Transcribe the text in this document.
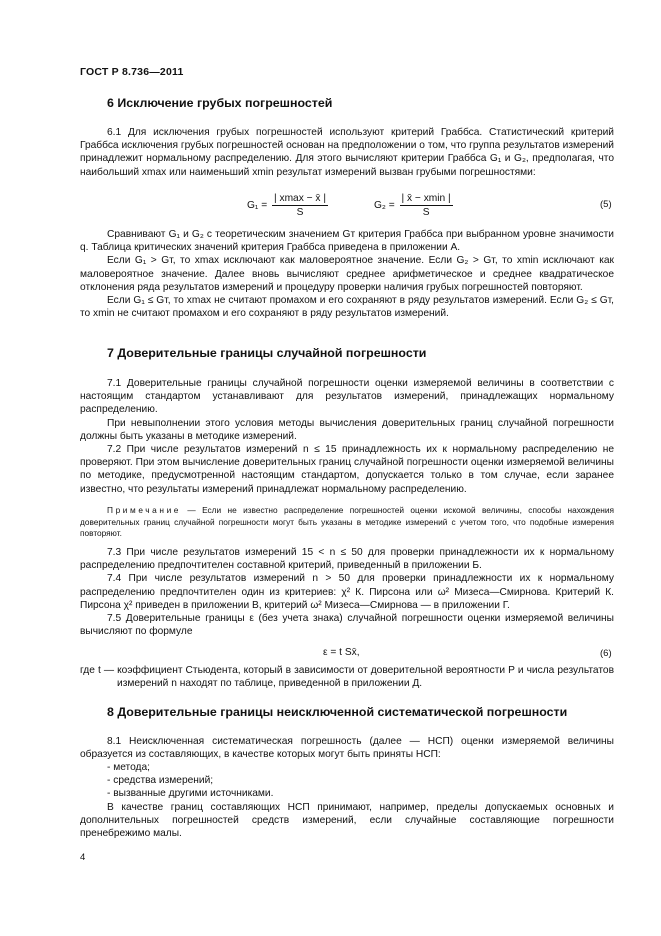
ГОСТ Р 8.736—2011
6 Исключение грубых погрешностей

6.1 Для исключения грубых погрешностей используют критерий Граббса. Статистический критерий Граббса исключения грубых погрешностей основан на предположении о том, что группа результатов измерений принадлежит нормальному распределению. Для этого вычисляют критерии Граббса G₁ и G₂, предполагая, что наибольший xmax или наименьший xmin результат измерений вызван грубыми погрешностями:

$G_1 = \frac{| xmax - x̄ |}{S}$	$G_2 = \frac{| x̄ - xmin |}{S}$	(5)

Сравнивают G₁ и G₂ с теоретическим значением Gт критерия Граббса при выбранном уровне значимости q. Таблица критических значений критерия Граббса приведена в приложении А.

Если G₁ > Gт, то xmax исключают как маловероятное значение. Если G₂ > Gт, то xmin исключают как маловероятное значение. Далее вновь вычисляют среднее арифметическое и среднее квадратическое отклонения ряда результатов измерений и процедуру проверки наличия грубых погрешностей повторяют.

Если G₁ ≤ Gт, то xmax не считают промахом и его сохраняют в ряду результатов измерений. Если G₂ ≤ Gт, то xmin не считают промахом и его сохраняют в ряду результатов измерений.

7 Доверительные границы случайной погрешности

7.1 Доверительные границы случайной погрешности оценки измеряемой величины в соответствии с настоящим стандартом устанавливают для результатов измерений, принадлежащих нормальному распределению.

При невыполнении этого условия методы вычисления доверительных границ случайной погрешности должны быть указаны в методике измерений.

7.2 При числе результатов измерений n ≤ 15 принадлежность их к нормальному распределению не проверяют. При этом вычисление доверительных границ случайной погрешности оценки измеряемой величины по методике, предусмотренной настоящим стандартом, допускается только в том случае, если заранее известно, что результаты измерений принадлежат нормальному распределению.

Примечание — Если не известно распределение погрешностей оценки искомой величины, способы нахождения доверительных границ случайной погрешности могут быть указаны в методике измерений с учетом того, что подобные измерения повторяют.

7.3 При числе результатов измерений 15 < n ≤ 50 для проверки принадлежности их к нормальному распределению предпочтителен составной критерий, приведенный в приложении Б.

7.4 При числе результатов измерений n > 50 для проверки принадлежности их к нормальному распределению предпочтителен один из критериев: χ² К. Пирсона или ω² Мизеса—Смирнова. Критерий К. Пирсона χ² приведен в приложении В, критерий ω² Мизеса—Смирнова — в приложении Г.

7.5 Доверительные границы ε (без учета знака) случайной погрешности оценки измеряемой величины вычисляют по формуле

ε = t Sx̄,	(6)
где t — коэффициент Стьюдента, который в зависимости от доверительной вероятности P и числа результатов измерений n находят по таблице, приведенной в приложении Д.
8 Доверительные границы неисключенной систематической погрешности

8.1 Неисключенная систематическая погрешность (далее — НСП) оценки измеряемой величины образуется из составляющих, в качестве которых могут быть приняты НСП:

- метода;
- средства измерений;
- вызванные другими источниками.

В качестве границ составляющих НСП принимают, например, пределы допускаемых основных и дополнительных погрешностей средств измерений, если случайные составляющие погрешности пренебрежимо малы.

4
